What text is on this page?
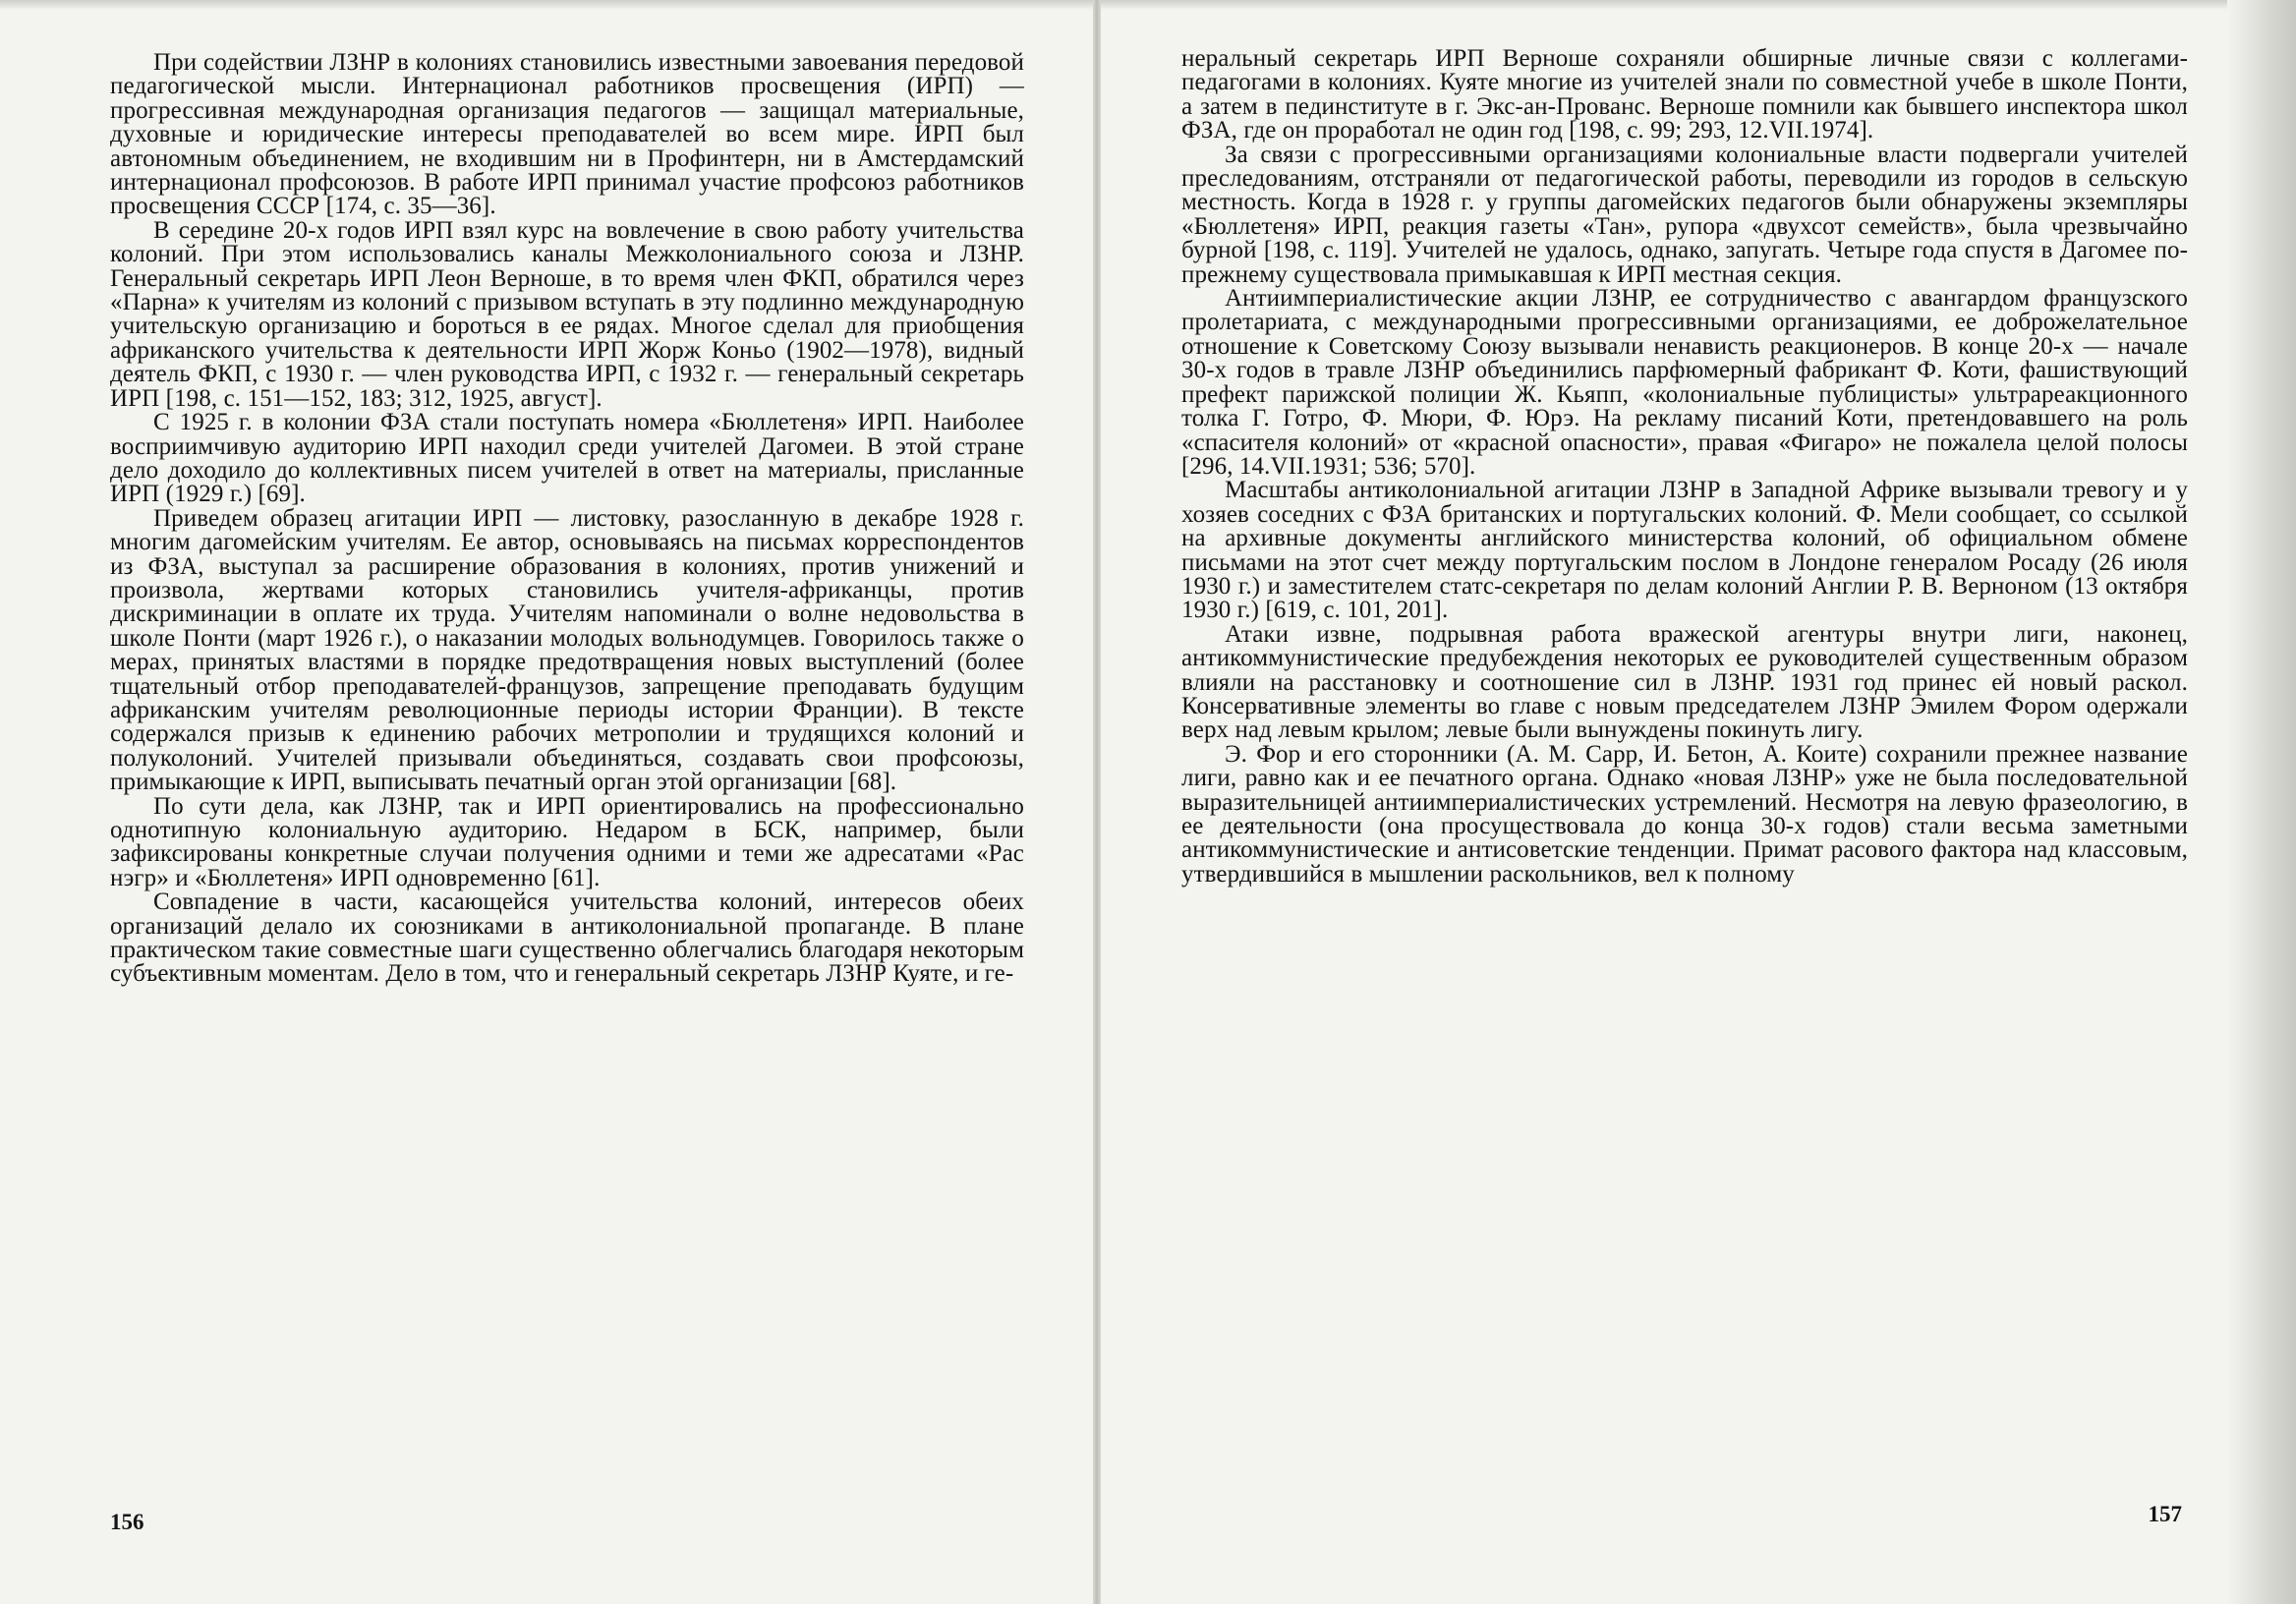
При содействии ЛЗНР в колониях становились известными завоевания передовой педагогической мысли. Интернационал работников просвещения (ИРП) — прогрессивная международная организация педагогов — защищал материальные, духовные и юридические интересы преподавателей во всем мире. ИРП был автономным объединением, не входившим ни в Профинтерн, ни в Амстердамский интернационал профсоюзов. В работе ИРП принимал участие профсоюз работников просвещения СССР [174, с. 35—36].

В середине 20-х годов ИРП взял курс на вовлечение в свою работу учительства колоний. При этом использовались каналы Межколониального союза и ЛЗНР. Генеральный секретарь ИРП Леон Верноше, в то время член ФКП, обратился через «Парна» к учителям из колоний с призывом вступать в эту подлинно международную учительскую организацию и бороться в ее рядах. Многое сделал для приобщения африканского учительства к деятельности ИРП Жорж Коньо (1902—1978), видный деятель ФКП, с 1930 г. — член руководства ИРП, с 1932 г. — генеральный секретарь ИРП [198, с. 151—152, 183; 312, 1925, август].

С 1925 г. в колонии ФЗА стали поступать номера «Бюллетеня» ИРП. Наиболее восприимчивую аудиторию ИРП находил среди учителей Дагомеи. В этой стране дело доходило до коллективных писем учителей в ответ на материалы, присланные ИРП (1929 г.) [69].

Приведем образец агитации ИРП — листовку, разосланную в декабре 1928 г. многим дагомейским учителям. Ее автор, основываясь на письмах корреспондентов из ФЗА, выступал за расширение образования в колониях, против унижений и произвола, жертвами которых становились учителя-африканцы, против дискриминации в оплате их труда. Учителям напоминали о волне недовольства в школе Понти (март 1926 г.), о наказании молодых вольнодумцев. Говорилось также о мерах, принятых властями в порядке предотвращения новых выступлений (более тщательный отбор преподавателей-французов, запрещение преподавать будущим африканским учителям революционные периоды истории Франции). В тексте содержался призыв к единению рабочих метрополии и трудящихся колоний и полуколоний. Учителей призывали объединяться, создавать свои профсоюзы, примыкающие к ИРП, выписывать печатный орган этой организации [68].

По сути дела, как ЛЗНР, так и ИРП ориентировались на профессионально однотипную колониальную аудиторию. Недаром в БСК, например, были зафиксированы конкретные случаи получения одними и теми же адресатами «Рас нэгр» и «Бюллетеня» ИРП одновременно [61].

Совпадение в части, касающейся учительства колоний, интересов обеих организаций делало их союзниками в антиколониальной пропаганде. В плане практическом такие совместные шаги существенно облегчались благодаря некоторым субъективным моментам. Дело в том, что и генеральный секретарь ЛЗНР Куяте, и ге-

156

неральный секретарь ИРП Верноше сохраняли обширные личные связи с коллегами-педагогами в колониях. Куяте многие из учителей знали по совместной учебе в школе Понти, а затем в пединституте в г. Экс-ан-Прованс. Верноше помнили как бывшего инспектора школ ФЗА, где он проработал не один год [198, с. 99; 293, 12.VII.1974].

За связи с прогрессивными организациями колониальные власти подвергали учителей преследованиям, отстраняли от педагогической работы, переводили из городов в сельскую местность. Когда в 1928 г. у группы дагомейских педагогов были обнаружены экземпляры «Бюллетеня» ИРП, реакция газеты «Тан», рупора «двухсот семейств», была чрезвычайно бурной [198, с. 119]. Учителей не удалось, однако, запугать. Четыре года спустя в Дагомее по-прежнему существовала примыкавшая к ИРП местная секция.

Антиимпериалистические акции ЛЗНР, ее сотрудничество с авангардом французского пролетариата, с международными прогрессивными организациями, ее доброжелательное отношение к Советскому Союзу вызывали ненависть реакционеров. В конце 20-х — начале 30-х годов в травле ЛЗНР объединились парфюмерный фабрикант Ф. Коти, фашиствующий префект парижской полиции Ж. Кьяпп, «колониальные публицисты» ультрареакционного толка Г. Готро, Ф. Мюри, Ф. Юрэ. На рекламу писаний Коти, претендовавшего на роль «спасителя колоний» от «красной опасности», правая «Фигаро» не пожалела целой полосы [296, 14.VII.1931; 536; 570].

Масштабы антиколониальной агитации ЛЗНР в Западной Африке вызывали тревогу и у хозяев соседних с ФЗА британских и португальских колоний. Ф. Мели сообщает, со ссылкой на архивные документы английского министерства колоний, об официальном обмене письмами на этот счет между португальским послом в Лондоне генералом Росаду (26 июля 1930 г.) и заместителем статс-секретаря по делам колоний Англии Р. В. Верноном (13 октября 1930 г.) [619, с. 101, 201].

Атаки извне, подрывная работа вражеской агентуры внутри лиги, наконец, антикоммунистические предубеждения некоторых ее руководителей существенным образом влияли на расстановку и соотношение сил в ЛЗНР. 1931 год принес ей новый раскол. Консервативные элементы во главе с новым председателем ЛЗНР Эмилем Фором одержали верх над левым крылом; левые были вынуждены покинуть лигу.

Э. Фор и его сторонники (А. М. Сарр, И. Бетон, А. Коите) сохранили прежнее название лиги, равно как и ее печатного органа. Однако «новая ЛЗНР» уже не была последовательной выразительницей антиимпериалистических устремлений. Несмотря на левую фразеологию, в ее деятельности (она просуществовала до конца 30-х годов) стали весьма заметными антикоммунистические и антисоветские тенденции. Примат расового фактора над классовым, утвердившийся в мышлении раскольников, вел к полному

157
